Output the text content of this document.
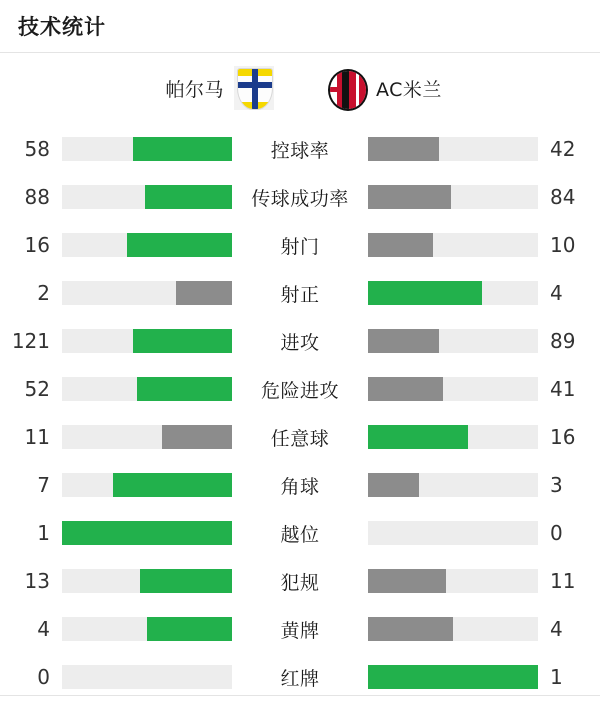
技术统计
帕尔马	AC米兰
58	控球率	42
88	传球成功率	84
16	射门	10
2	射正	4
121	进攻	89
52	危险进攻	41
11	任意球	16
7	角球	3
1	越位	0
13	犯规	11
4	黄牌	4
0	红牌	1
